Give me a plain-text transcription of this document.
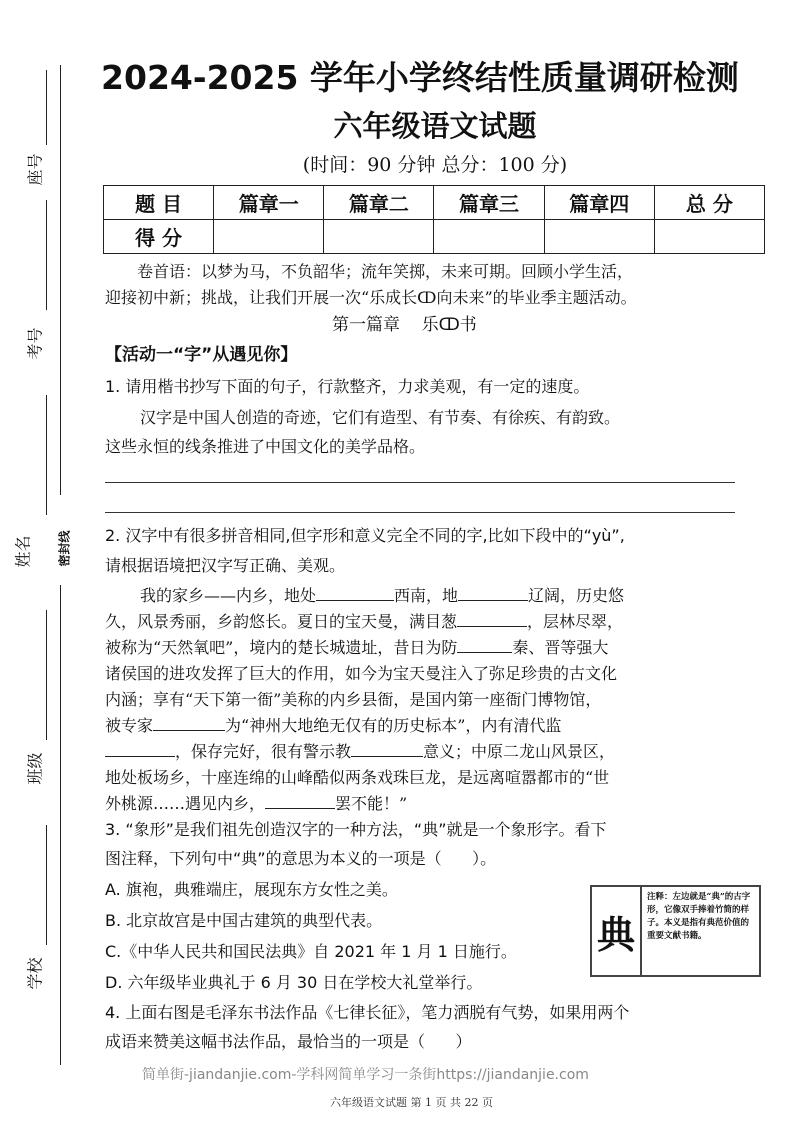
座号
考号
姓名 密封线
班级
学校
2024-2025 学年小学终结性质量调研检测
六年级语文试题
(时间：90 分钟 总分：100 分)
题 目	篇章一	篇章二	篇章三	篇章四	总 分
得 分					
卷首语：以梦为马，不负韶华；流年笑掷，未来可期。回顾小学生活，
迎接初中新；挑战，让我们开展一次“乐成长ↀ向未来”的毕业季主题活动。
第一篇章    乐ↀ书
【活动一“字”从遇见你】
1. 请用楷书抄写下面的句子，行款整齐，力求美观，有一定的速度。
汉字是中国人创造的奇迹，它们有造型、有节奏、有徐疾、有韵致。
这些永恒的线条推进了中国文化的美学品格。
2. 汉字中有很多拼音相同,但字形和意义完全不同的字,比如下段中的“yù”,
请根据语境把汉字写正确、美观。
我的家乡——内乡，地处	西南，地	辽阔，历史悠
久，风景秀丽，乡韵悠长。夏日的宝天曼，满目葱	，层林尽翠，
被称为“天然氧吧”，境内的楚长城遗址，昔日为防	秦、晋等强大
诸侯国的进攻发挥了巨大的作用，如今为宝天曼注入了弥足珍贵的古文化
内涵；享有“天下第一衙”美称的内乡县衙，是国内第一座衙门博物馆，
被专家	为“神州大地绝无仅有的历史标本”，内有清代监
，保存完好，很有警示教	意义；中原二龙山风景区，
地处板场乡，十座连绵的山峰酷似两条戏珠巨龙，是远离喧嚣都市的“世
外桃源……遇见内乡，	罢不能！”
3. “象形”是我们祖先创造汉字的一种方法，“典”就是一个象形字。看下
图注释，下列句中“典”的意思为本义的一项是（      ）。
A. 旗袍，典雅端庄，展现东方女性之美。
B. 北京故宫是中国古建筑的典型代表。
C.《中华人民共和国民法典》自 2021 年 1 月 1 日施行。
D. 六年级毕业典礼于 6 月 30 日在学校大礼堂举行。
典
注释：左边就是“典”的古字形，它像双手捧着竹简的样子。本义是指有典范价值的重要文献书籍。
4. 上面右图是毛泽东书法作品《七律长征》，笔力洒脱有气势，如果用两个
成语来赞美这幅书法作品，最恰当的一项是（      ）
简单街-jiandanjie.com-学科网简单学习一条街https://jiandanjie.com
六年级语文试题 第 1 页 共 22 页
